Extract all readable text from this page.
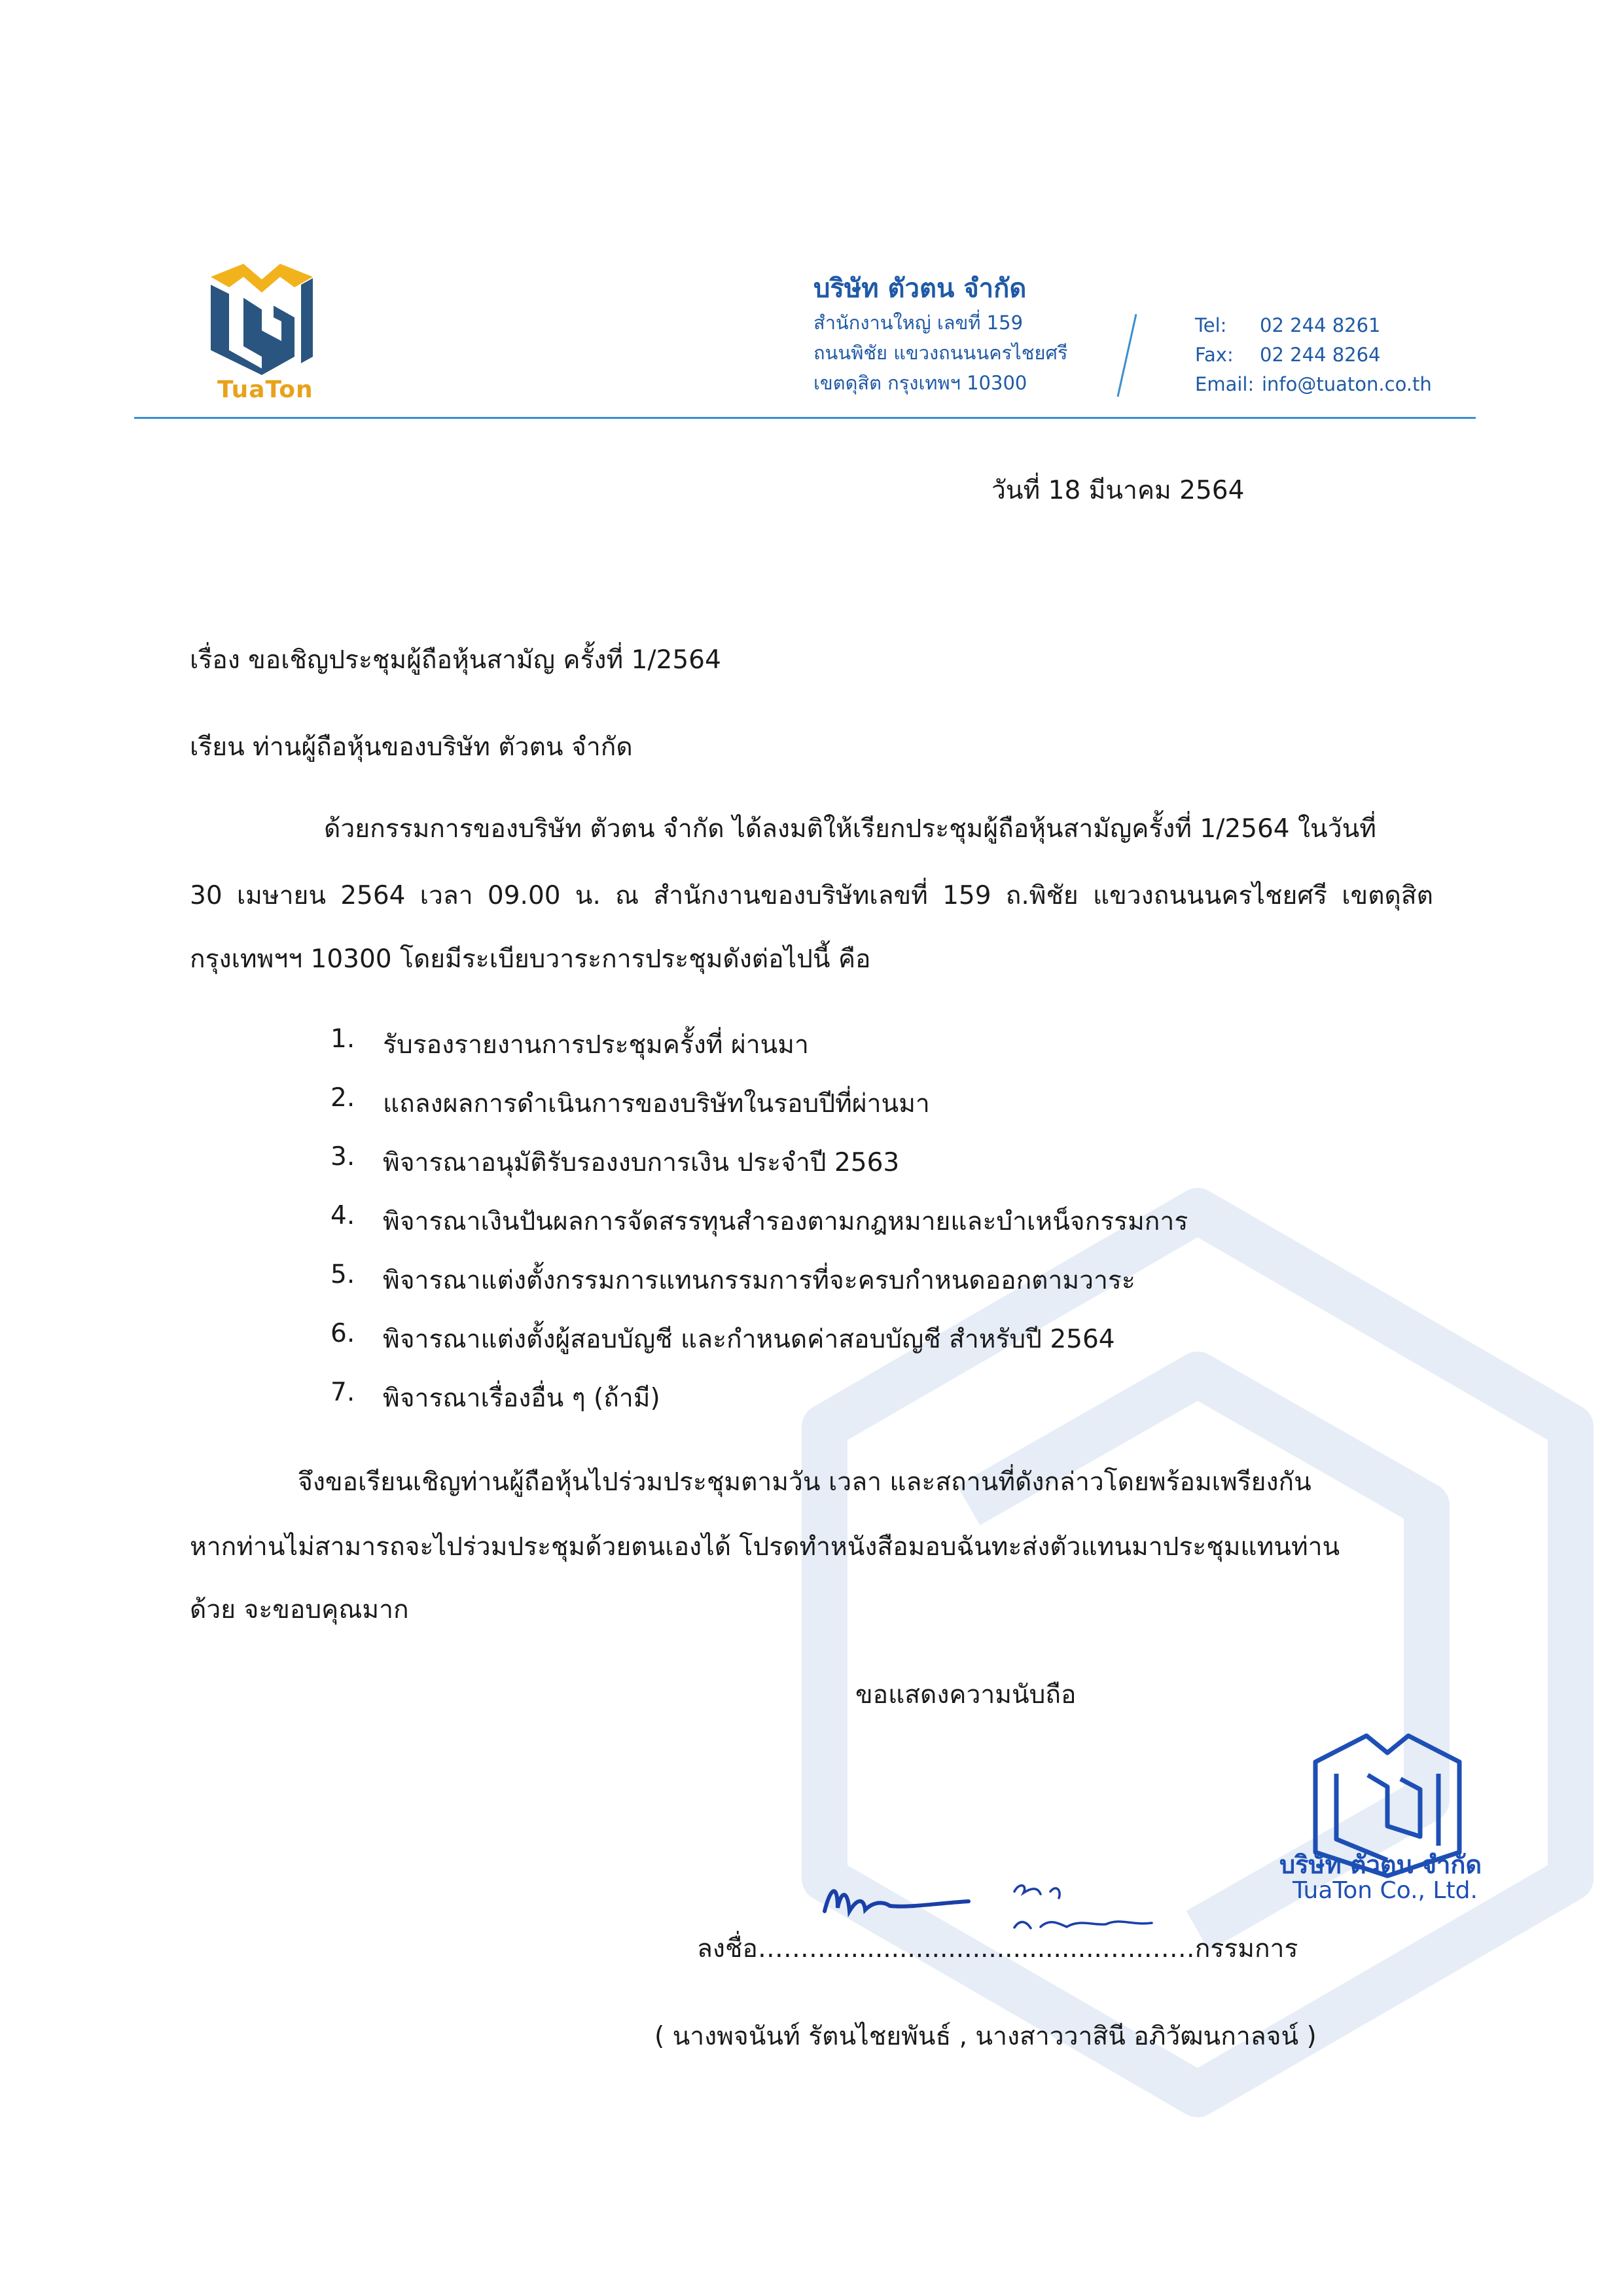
TuaTon
บริษัท ตัวตน จำกัด
สำนักงานใหญ่ เลขที่ 159
ถนนพิชัย แขวงถนนนครไชยศรี
เขตดุสิต กรุงเทพฯ 10300
Tel: 02 244 8261
Fax: 02 244 8264
Email: info@tuaton.co.th
วันที่ 18 มีนาคม 2564
เรื่อง ขอเชิญประชุมผู้ถือหุ้นสามัญ ครั้งที่ 1/2564
เรียน ท่านผู้ถือหุ้นของบริษัท ตัวตน จำกัด
ด้วยกรรมการของบริษัท ตัวตน จำกัด ได้ลงมติให้เรียกประชุมผู้ถือหุ้นสามัญครั้งที่ 1/2564 ในวันที่
30 เมษายน 2564 เวลา 09.00 น. ณ สำนักงานของบริษัทเลขที่ 159 ถ.พิชัย แขวงถนนนครไชยศรี เขตดุสิต
กรุงเทพฯฯ 10300 โดยมีระเบียบวาระการประชุมดังต่อไปนี้ คือ
1. รับรองรายงานการประชุมครั้งที่ ผ่านมา
2. แถลงผลการดำเนินการของบริษัทในรอบปีที่ผ่านมา
3. พิจารณาอนุมัติรับรองงบการเงิน ประจำปี 2563
4. พิจารณาเงินปันผลการจัดสรรทุนสำรองตามกฎหมายและบำเหน็จกรรมการ
5. พิจารณาแต่งตั้งกรรมการแทนกรรมการที่จะครบกำหนดออกตามวาระ
6. พิจารณาแต่งตั้งผู้สอบบัญชี และกำหนดค่าสอบบัญชี สำหรับปี 2564
7. พิจารณาเรื่องอื่น ๆ (ถ้ามี)
จึงขอเรียนเชิญท่านผู้ถือหุ้นไปร่วมประชุมตามวัน เวลา และสถานที่ดังกล่าวโดยพร้อมเพรียงกัน
หากท่านไม่สามารถจะไปร่วมประชุมด้วยตนเองได้ โปรดทำหนังสือมอบฉันทะส่งตัวแทนมาประชุมแทนท่าน
ด้วย จะขอบคุณมาก
ขอแสดงความนับถือ
บริษัท ตัวตน จำกัด
TuaTon Co., Ltd.
ลงชื่อ……….................................…..……กรรมการ
( นางพจนันท์ รัตนไชยพันธ์ , นางสาววาสินี อภิวัฒนกาลจน์ )
